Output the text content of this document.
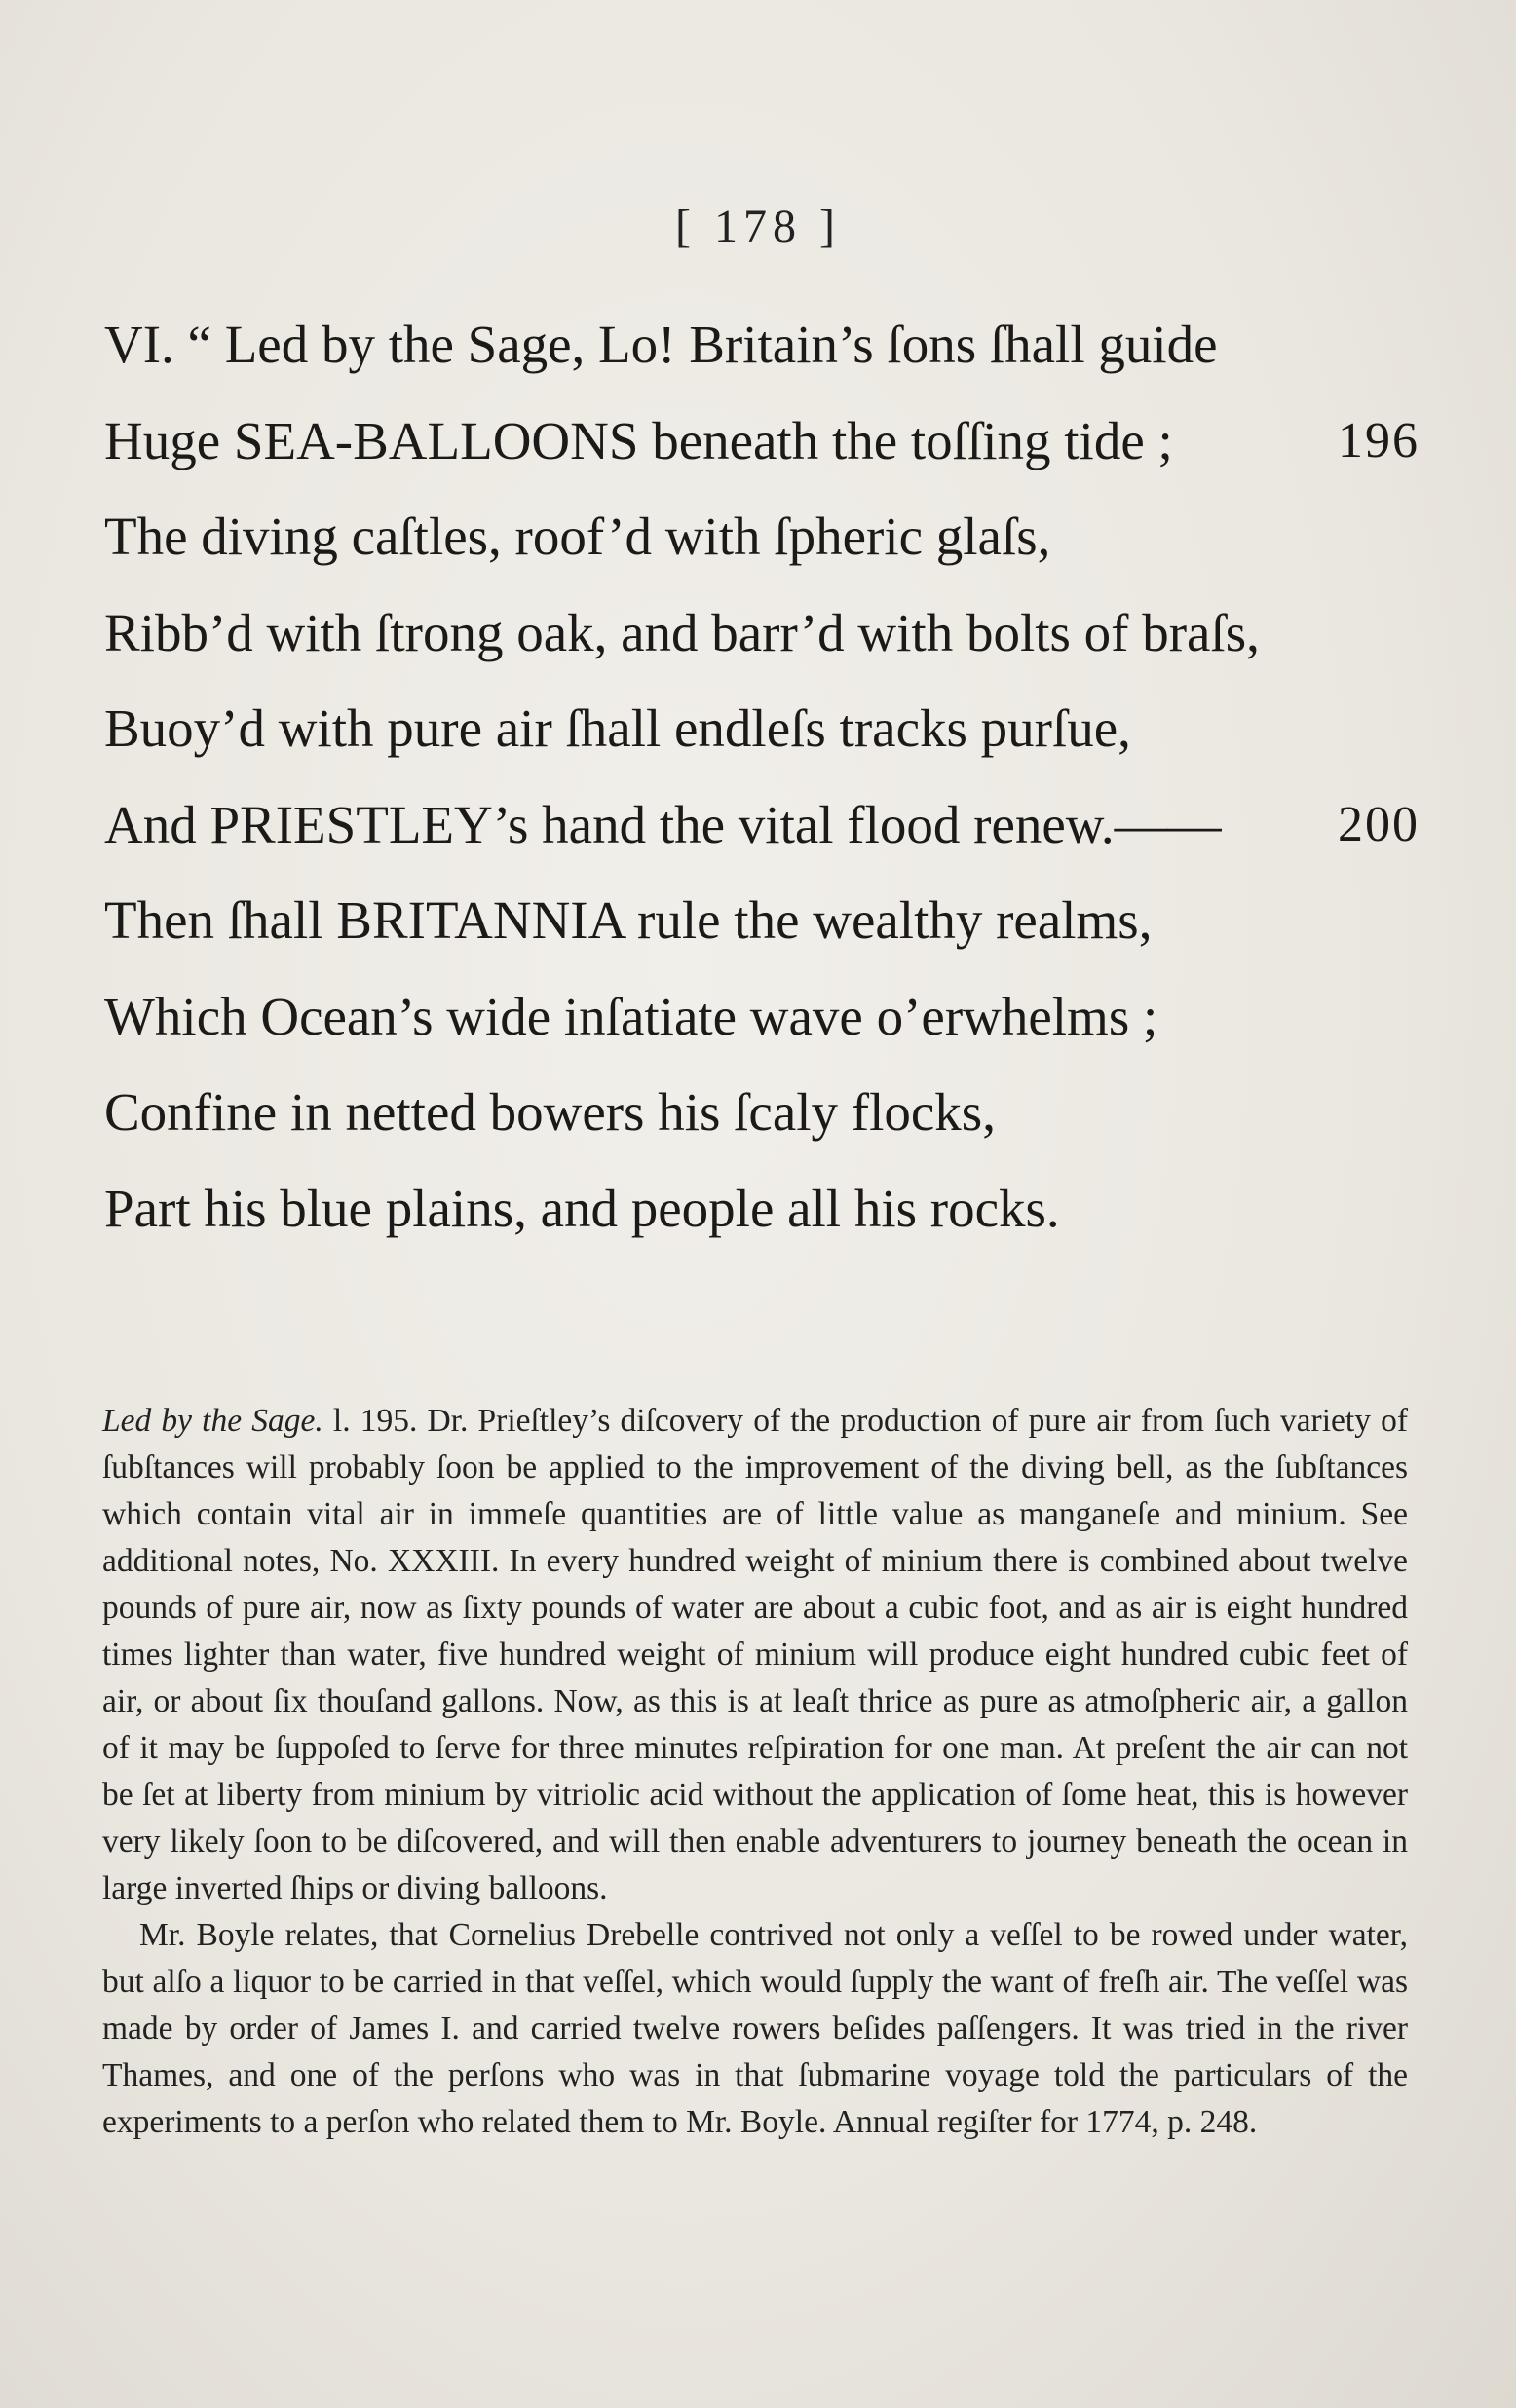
[ 178 ]
VI. “ Led by the Sage, Lo! Britain’s ſons ſhall guide
Huge SEA-BALLOONS beneath the toſſing tide ;	196
The diving caſtles, roof’d with ſpheric glaſs,
Ribb’d with ſtrong oak, and barr’d with bolts of braſs,
Buoy’d with pure air ſhall endleſs tracks purſue,
And PRIESTLEY’s hand the vital flood renew.—— 200
Then ſhall BRITANNIA rule the wealthy realms,
Which Ocean’s wide inſatiate wave o’erwhelms ;
Confine in netted bowers his ſcaly flocks,
Part his blue plains, and people all his rocks.

Led by the Sage. l. 195. Dr. Prieſtley’s diſcovery of the production of pure air from ſuch variety of ſubſtances will probably ſoon be applied to the improvement of the diving bell, as the ſubſtances which contain vital air in immeſe quantities are of little value as manganeſe and minium. See additional notes, No. XXXIII. In every hundred weight of minium there is combined about twelve pounds of pure air, now as ſixty pounds of water are about a cubic foot, and as air is eight hundred times lighter than water, five hundred weight of minium will produce eight hundred cubic feet of air, or about ſix thouſand gallons. Now, as this is at leaſt thrice as pure as atmoſpheric air, a gallon of it may be ſuppoſed to ſerve for three minutes reſpiration for one man. At preſent the air can not be ſet at liberty from minium by vitriolic acid without the application of ſome heat, this is however very likely ſoon to be diſcovered, and will then enable adventurers to journey beneath the ocean in large inverted ſhips or diving balloons.

Mr. Boyle relates, that Cornelius Drebelle contrived not only a veſſel to be rowed under water, but alſo a liquor to be carried in that veſſel, which would ſupply the want of freſh air. The veſſel was made by order of James I. and carried twelve rowers beſides paſſengers. It was tried in the river Thames, and one of the perſons who was in that ſubmarine voyage told the particulars of the experiments to a perſon who related them to Mr. Boyle. Annual regiſter for 1774, p. 248.
